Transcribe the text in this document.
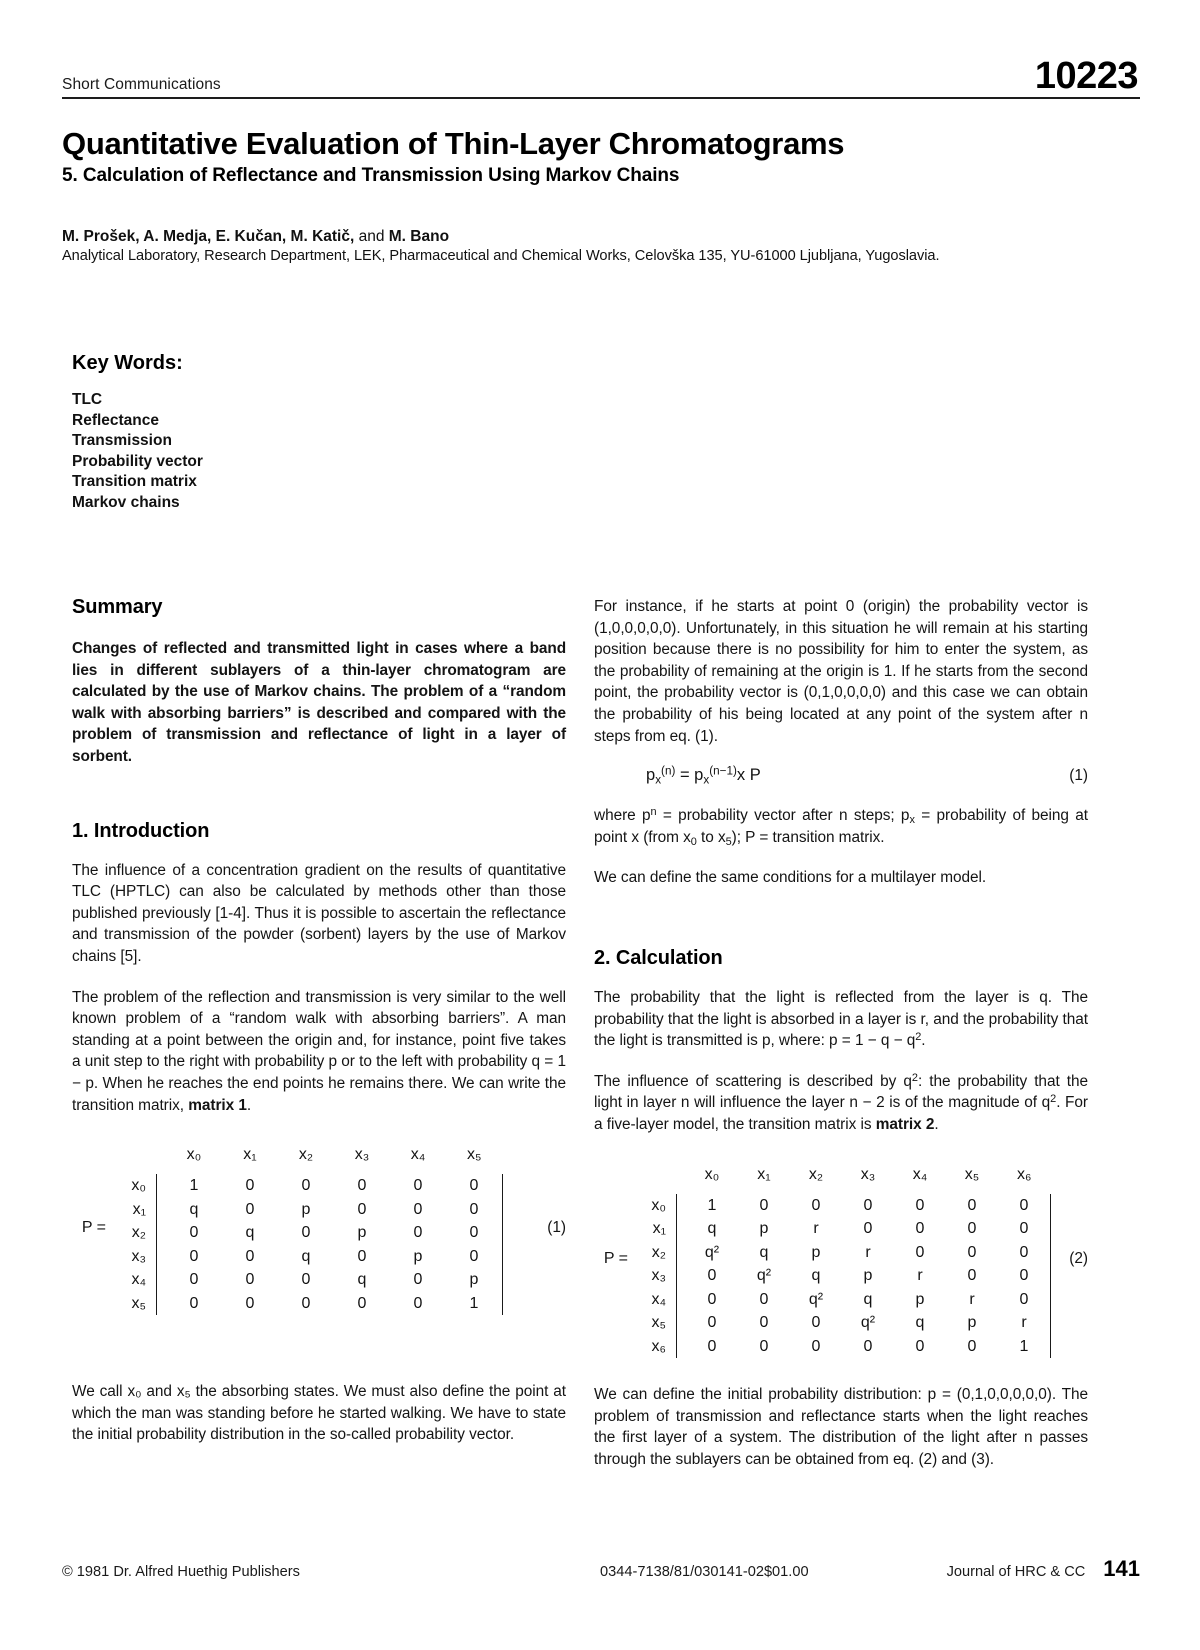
Short Communications	10223
Quantitative Evaluation of Thin-Layer Chromatograms
5. Calculation of Reflectance and Transmission Using Markov Chains
M. Prošek, A. Medja, E. Kučan, M. Katič, and M. Bano
Analytical Laboratory, Research Department, LEK, Pharmaceutical and Chemical Works, Celovška 135, YU-61000 Ljubljana, Yugoslavia.
Key Words:
TLC
Reflectance
Transmission
Probability vector
Transition matrix
Markov chains
Summary

Changes of reflected and transmitted light in cases where a band lies in different sublayers of a thin-layer chromatogram are calculated by the use of Markov chains. The problem of a “random walk with absorbing barriers” is described and compared with the problem of transmission and reflectance of light in a layer of sorbent.

1. Introduction

The influence of a concentration gradient on the results of quantitative TLC (HPTLC) can also be calculated by methods other than those published previously [1-4]. Thus it is possible to ascertain the reflectance and transmission of the powder (sorbent) layers by the use of Markov chains [5].

The problem of the reflection and transmission is very similar to the well known problem of a “random walk with absorbing barriers”. A man standing at a point between the origin and, for instance, point five takes a unit step to the right with probability p or to the left with probability q = 1 − p. When he reaches the end points he remains there. We can write the transition matrix, matrix 1.

P =
		x₀	x₁	x₂	x₃	x₄	x₅	
x₀		1	0	0	0	0	0	
x₁		q	0	p	0	0	0	
x₂		0	q	0	p	0	0	
x₃		0	0	q	0	p	0	
x₄		0	0	0	q	0	p	
x₅		0	0	0	0	0	1	
(1)

We call x₀ and x₅ the absorbing states. We must also define the point at which the man was standing before he started walking. We have to state the initial probability distribution in the so-called probability vector.

For instance, if he starts at point 0 (origin) the probability vector is (1,0,0,0,0,0). Unfortunately, in this situation he will remain at his starting position because there is no possibility for him to enter the system, as the probability of remaining at the origin is 1. If he starts from the second point, the probability vector is (0,1,0,0,0,0) and this case we can obtain the probability of his being located at any point of the system after n steps from eq. (1).

$p_x^{(n)} = p_x^{(n-1)}x$ P	(1)

where $p^n$ = probability vector after n steps; $p_x$ = probability of being at point x (from $x_0$ to $x_5$); P = transition matrix.

We can define the same conditions for a multilayer model.

2. Calculation

The probability that the light is reflected from the layer is q. The probability that the light is absorbed in a layer is r, and the probability that the light is transmitted is p, where: $p = 1 - q - q^2$.

The influence of scattering is described by $q^2$: the probability that the light in layer n will influence the layer n − 2 is of the magnitude of $q^2$. For a five-layer model, the transition matrix is matrix 2.

P =
		x₀	x₁	x₂	x₃	x₄	x₅	x₆	
x₀		1	0	0	0	0	0	0	
x₁		q	p	r	0	0	0	0	
x₂		q²	q	p	r	0	0	0	
x₃		0	q²	q	p	r	0	0	
x₄		0	0	q²	q	p	r	0	
x₅		0	0	0	q²	q	p	r	
x₆		0	0	0	0	0	0	1	
(2)

We can define the initial probability distribution: p = (0,1,0,0,0,0,0). The problem of transmission and reflectance starts when the light reaches the first layer of a system. The distribution of the light after n passes through the sublayers can be obtained from eq. (2) and (3).

© 1981 Dr. Alfred Huethig Publishers	0344-7138/81/030141-02$01.00	Journal of HRC & CC 141
